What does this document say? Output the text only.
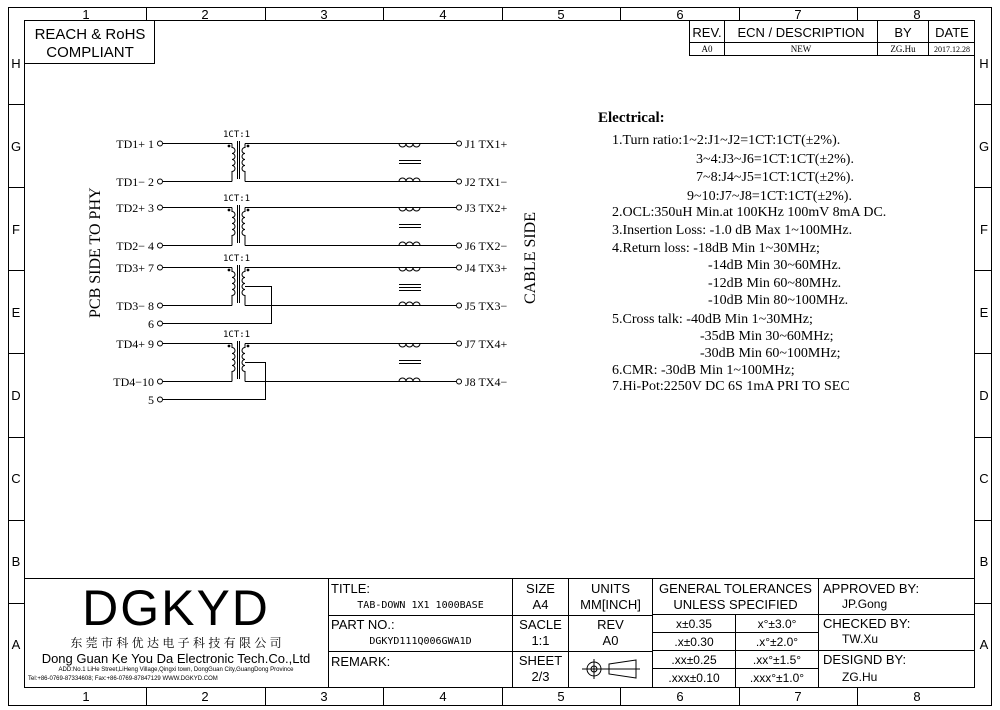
1	2	3	4	5	6	7	8
1	2	3	4	5	6	7	8
H
G
F
E
D
C
B
A
H
G
F
E
D
C
B
A
REACH & RoHS
COMPLIANT
REV.	ECN / DESCRIPTION	BY	DATE
A0	NEW	ZG.Hu	2017.12.28
PCB SIDE TO PHY	CABLE SIDE
1CT:1
1CT:1
1CT:1
1CT:1
TD1+ 1
TD1− 2
TD2+ 3
TD2− 4
TD3+ 7
TD3− 8
6
TD4+ 9
TD4−10
5
J1 TX1+
J2 TX1−
J3 TX2+
J6 TX2−
J4 TX3+
J5 TX3−
J7 TX4+
J8 TX4−
Electrical:
1.Turn ratio:1~2:J1~J2=1CT:1CT(±2%).
3~4:J3~J6=1CT:1CT(±2%).
7~8:J4~J5=1CT:1CT(±2%).
9~10:J7~J8=1CT:1CT(±2%).
2.OCL:350uH Min.at 100KHz 100mV 8mA DC.
3.Insertion Loss: -1.0 dB Max 1~100MHz.
4.Return loss: -18dB Min 1~30MHz;
-14dB Min 30~60MHz.
-12dB Min 60~80MHz.
-10dB Min 80~100MHz.
5.Cross talk: -40dB Min 1~30MHz;
-35dB Min 30~60MHz;
-30dB Min 60~100MHz;
6.CMR: -30dB Min 1~100MHz;
7.Hi-Pot:2250V DC 6S 1mA PRI TO SEC
DGKYD
东 莞 市 科 优 达 电 子 科 技 有 限 公 司
Dong Guan Ke You Da Electronic Tech.Co.,Ltd
ADD:No.1 LiHe Street,LiHeng Village,Qingxi town, DongGuan City,GuangDong Province
Tel:+86-0769-87334608; Fax:+86-0769-87847129 WWW.DGKYD.COM
TITLE:
TAB-DOWN 1X1 1000BASE
PART NO.:
DGKYD111Q006GWA1D
REMARK:
SIZE
A4
SACLE
1:1
SHEET
2/3
UNITS
MM[INCH]
REV
A0
GENERAL TOLERANCES
UNLESS SPECIFIED
x±0.35	x°±3.0°
.x±0.30	.x°±2.0°
.xx±0.25	.xx°±1.5°
.xxx±0.10	.xxx°±1.0°
APPROVED BY:
JP.Gong
CHECKED BY:
TW.Xu
DESIGND BY:
ZG.Hu
